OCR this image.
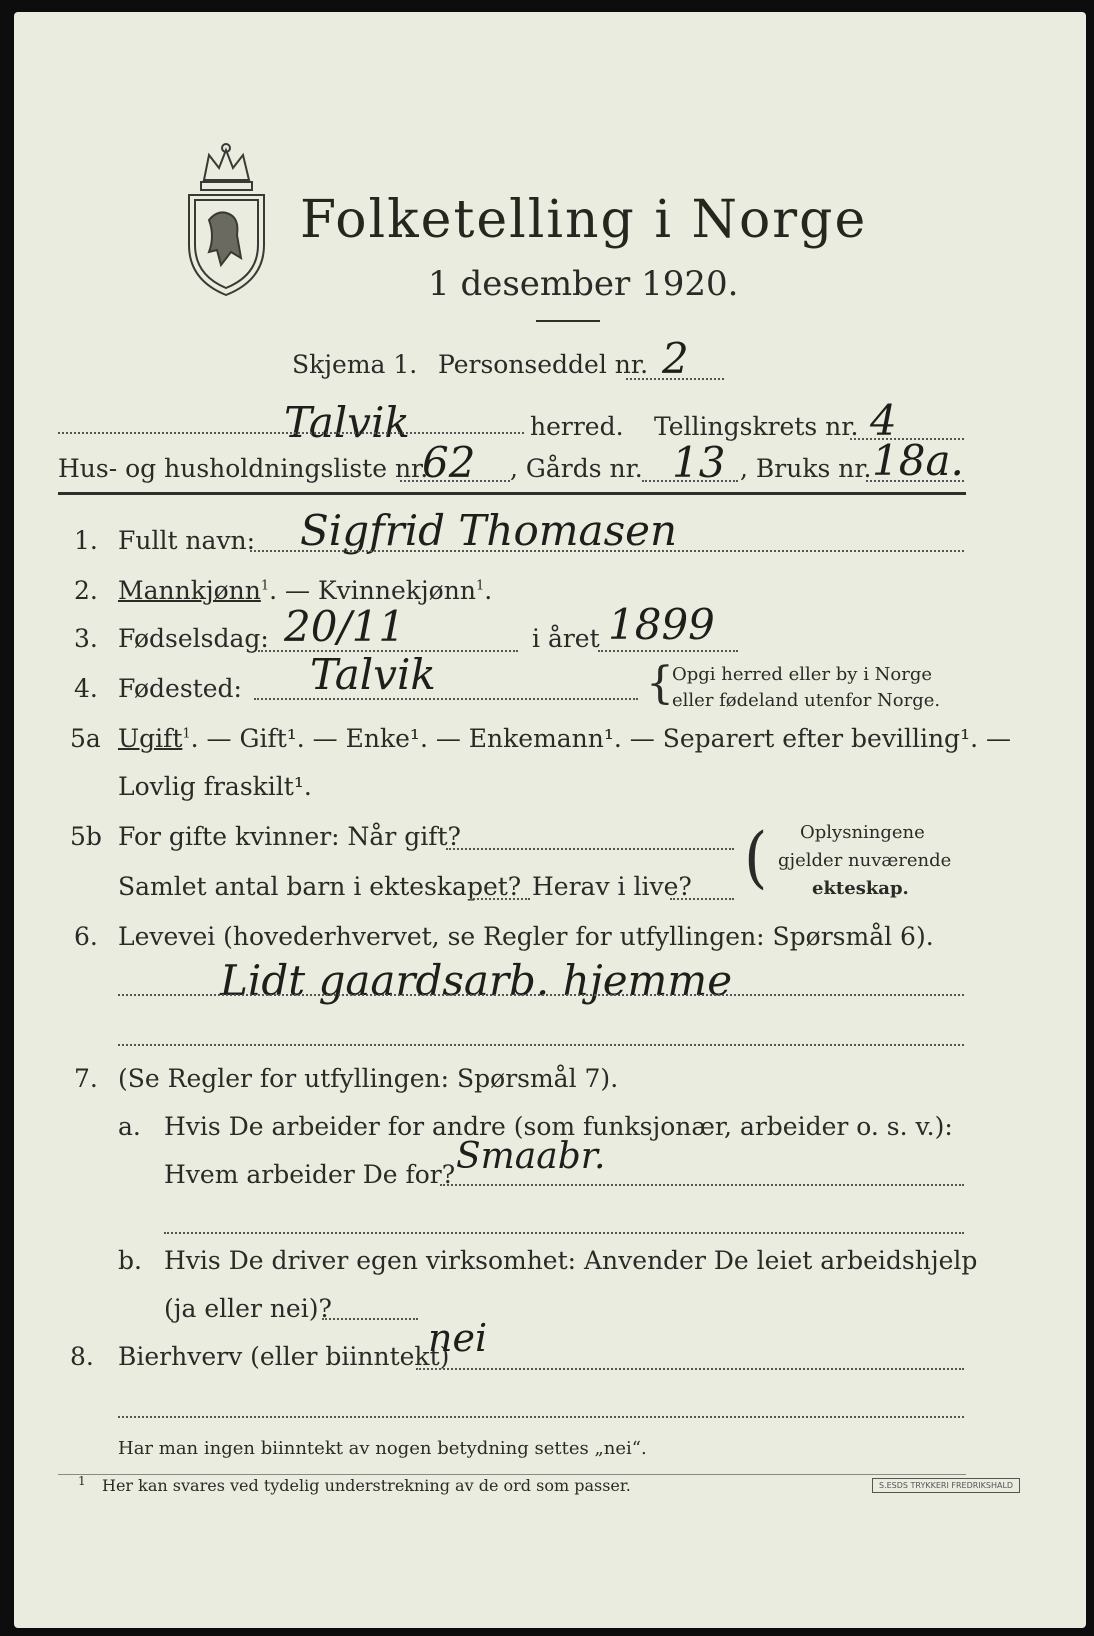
Folketelling i Norge
1 desember 1920.
Skjema 1. Personseddel nr. 2
Talvik	herred. Tellingskrets nr. 4
Hus- og husholdningsliste nr.
62 , Gårds nr. 13 , Bruks nr. 18a.
1. Fullt navn: Sigfrid Thomasen
2. Mannkjønn$^1$. — Kvinnekjønn$^1$.
3. Fødselsdag: 20/11	i året 1899
4. Fødested: Talvik	{
Opgi herred eller by i Norge
eller fødeland utenfor Norge.
5a Ugift$^1$. — Gift¹. — Enke¹. — Enkemann¹. — Separert efter bevilling¹. —
Lovlig fraskilt¹.
5b For gifte kvinner: Når gift?
Samlet antal barn i ekteskapet? Herav i live? ( Oplysningene
gjelder nuværende
ekteskap.
6. Levevei (hovederhvervet, se Regler for utfyllingen: Spørsmål 6).
Lidt gaardsarb. hjemme
7. (Se Regler for utfyllingen: Spørsmål 7).
a. Hvis De arbeider for andre (som funksjonær, arbeider o. s. v.):
Hvem arbeider De for? Smaabr.
b. Hvis De driver egen virksomhet: Anvender De leiet arbeidshjelp
(ja eller nei)?
8. Bierhverv (eller biinntekt)
nei
Har man ingen biinntekt av nogen betydning settes „nei“.
1 Her kan svares ved tydelig understrekning av de ord som passer.	S.ESDS TRYKKERI FREDRIKSHALD
